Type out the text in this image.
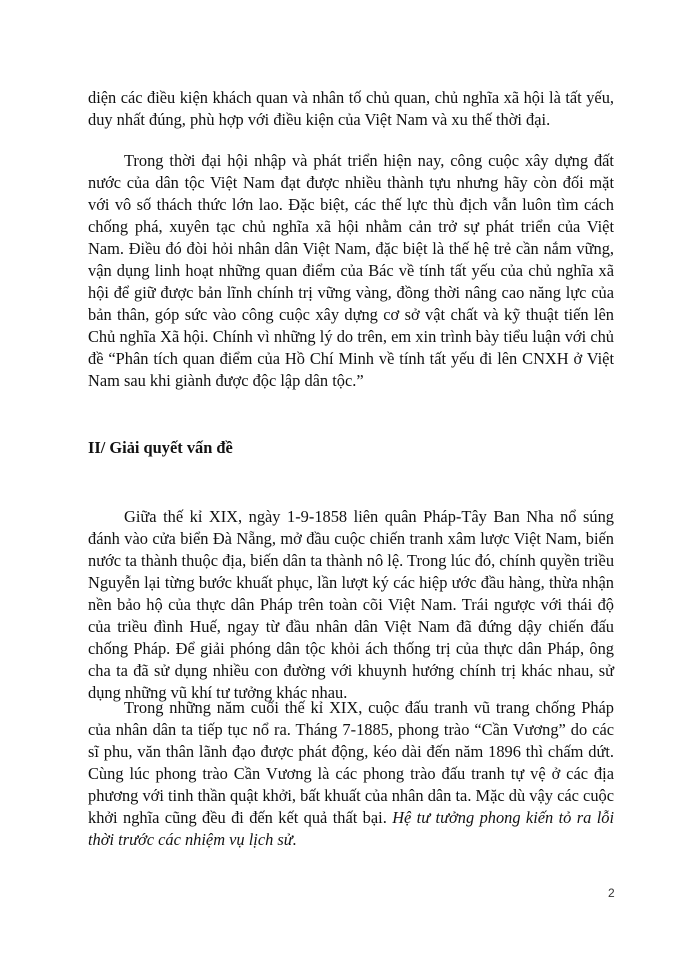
diện các điều kiện khách quan và nhân tố chủ quan, chủ nghĩa xã hội là tất yếu, duy nhất đúng, phù hợp với điều kiện của Việt Nam và xu thế thời đại.

Trong thời đại hội nhập và phát triển hiện nay, công cuộc xây dựng đất nước của dân tộc Việt Nam đạt được nhiều thành tựu nhưng hãy còn đối mặt với vô số thách thức lớn lao. Đặc biệt, các thế lực thù địch vẫn luôn tìm cách chống phá, xuyên tạc chủ nghĩa xã hội nhằm cản trở sự phát triển của Việt Nam. Điều đó đòi hỏi nhân dân Việt Nam, đặc biệt là thế hệ trẻ cần nắm vững, vận dụng linh hoạt những quan điểm của Bác về tính tất yếu của chủ nghĩa xã hội để giữ được bản lĩnh chính trị vững vàng, đồng thời nâng cao năng lực của bản thân, góp sức vào công cuộc xây dựng cơ sở vật chất và kỹ thuật tiến lên Chủ nghĩa Xã hội. Chính vì những lý do trên, em xin trình bày tiểu luận với chủ đề “Phân tích quan điểm của Hồ Chí Minh về tính tất yếu đi lên CNXH ở Việt Nam sau khi giành được độc lập dân tộc.”

II/ Giải quyết vấn đề

Giữa thế kỉ XIX, ngày 1-9-1858 liên quân Pháp-Tây Ban Nha nổ súng đánh vào cửa biển Đà Nẵng, mở đầu cuộc chiến tranh xâm lược Việt Nam, biến nước ta thành thuộc địa, biến dân ta thành nô lệ. Trong lúc đó, chính quyền triều Nguyễn lại từng bước khuất phục, lần lượt ký các hiệp ước đầu hàng, thừa nhận nền bảo hộ của thực dân Pháp trên toàn cõi Việt Nam. Trái ngược với thái độ của triều đình Huế, ngay từ đầu nhân dân Việt Nam đã đứng dậy chiến đấu chống Pháp. Để giải phóng dân tộc khỏi ách thống trị của thực dân Pháp, ông cha ta đã sử dụng nhiều con đường với khuynh hướng chính trị khác nhau, sử dụng những vũ khí tư tưởng khác nhau.

Trong những năm cuối thế kỉ XIX, cuộc đấu tranh vũ trang chống Pháp của nhân dân ta tiếp tục nổ ra. Tháng 7-1885, phong trào “Cần Vương” do các sĩ phu, văn thân lãnh đạo được phát động, kéo dài đến năm 1896 thì chấm dứt. Cùng lúc phong trào Cần Vương là các phong trào đấu tranh tự vệ ở các địa phương với tinh thần quật khởi, bất khuất của nhân dân ta. Mặc dù vậy các cuộc khởi nghĩa cũng đều đi đến kết quả thất bại. Hệ tư tưởng phong kiến tỏ ra lỗi thời trước các nhiệm vụ lịch sử.

2
